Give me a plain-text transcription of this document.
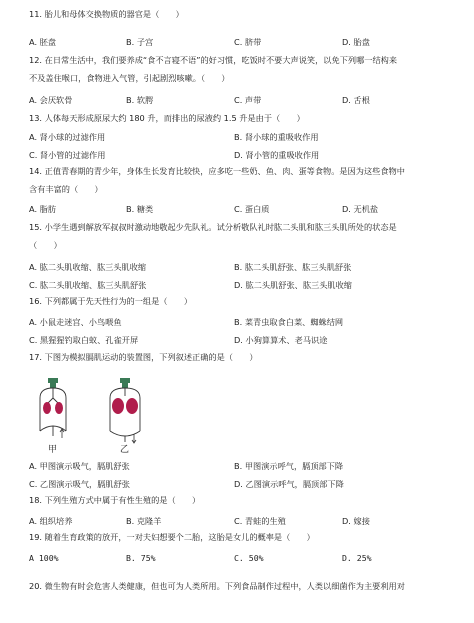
11. 胎儿和母体交换物质的器官是（　　）
A. 胚盘	B. 子宫	C. 脐带	D. 胎盘
12. 在日常生活中，我们要养成“食不言寝不语”的好习惯，吃饭时不要大声说笑，以免下列哪一结构来
不及盖住喉口，食物进入气管，引起剧烈咳嗽。（　　）
A. 会厌软骨	B. 软腭	C. 声带	D. 舌根
13. 人体每天形成原尿大约 180 升，而排出的尿液约 1.5 升是由于（　　）
A. 肾小球的过滤作用	B. 肾小球的重吸收作用
C. 肾小管的过滤作用	D. 肾小管的重吸收作用
14. 正值青春期的青少年，身体生长发育比较快，应多吃一些奶、鱼、肉、蛋等食物。是因为这些食物中
含有丰富的（　　）
A. 脂肪	B. 糖类	C. 蛋白质	D. 无机盐
15. 小学生遇到解放军叔叔时激动地敬起少先队礼。试分析敬队礼时肱二头肌和肱三头肌所处的状态是
（　　）
A. 肱二头肌收缩、肱三头肌收缩	B. 肱二头肌舒张、肱三头肌舒张
C. 肱二头肌收缩、肱三头肌舒张	D. 肱二头肌舒张、肱三头肌收缩
16. 下列都属于先天性行为的一组是（　　）
A. 小鼠走迷宫、小鸟喂鱼	B. 菜青虫取食白菜、蜘蛛结网
C. 黑猩猩钓取白蚁、孔雀开屏	D. 小狗算算术、老马识途
17. 下图为模拟膈肌运动的装置图，下列叙述正确的是（　　）
甲	乙
A. 甲图演示吸气，膈肌舒张	B. 甲图演示呼气，膈顶部下降
C. 乙图演示吸气，膈肌舒张	D. 乙图演示呼气，膈顶部下降
18. 下列生殖方式中属于有性生殖的是（　　）
A. 组织培养	B. 克隆羊	C. 青蛙的生殖	D. 嫁接
19. 随着生育政策的放开，一对夫妇想要个二胎，这胎是女儿的概率是（　　）
A 100%	B. 75%	C. 50%	D. 25%
20. 微生物有时会危害人类健康，但也可为人类所用。下列食品制作过程中，人类以细菌作为主要利用对
